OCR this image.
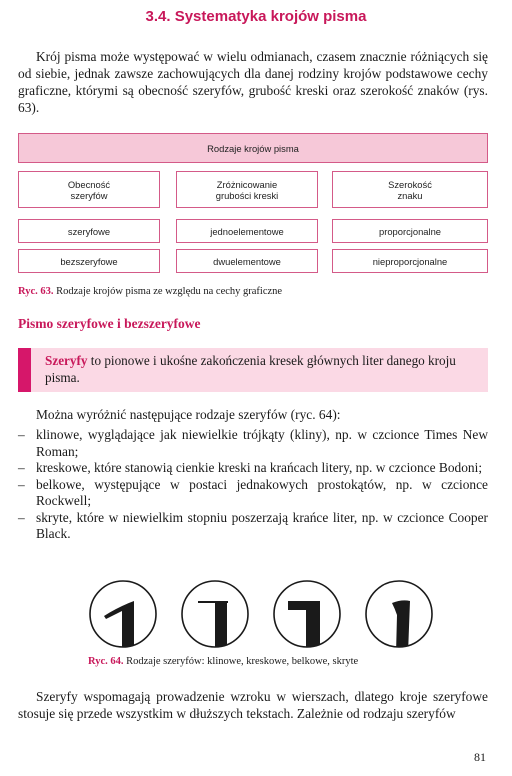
3.4. Systematyka krojów pisma

Krój pisma może występować w wielu odmianach, czasem znacznie różniących się od siebie, jednak zawsze zachowujących dla danej rodziny krojów podstawowe cechy graficzne, którymi są obecność szeryfów, grubość kreski oraz szerokość znaków (rys. 63).

Rodzaje krojów pisma
Obecność
szeryfów
Zróżnicowanie
grubości kreski
Szerokość
znaku
szeryfowe	jednoelementowe	proporcjonalne
bezszeryfowe	dwuelementowe	nieproporcjonalne

Ryc. 63. Rodzaje krojów pisma ze względu na cechy graficzne

Pismo szeryfowe i bezszeryfowe

Szeryfy to pionowe i ukośne zakończenia kresek głównych liter danego kroju pisma.

Można wyróżnić następujące rodzaje szeryfów (ryc. 64):

– klinowe, wyglądające jak niewielkie trójkąty (kliny), np. w czcionce Times New Roman;
– kreskowe, które stanowią cienkie kreski na krańcach litery, np. w czcionce Bodoni;
– belkowe, występujące w postaci jednakowych prostokątów, np. w czcionce Rockwell;
– skryte, które w niewielkim stopniu poszerzają krańce liter, np. w czcionce Cooper Black.

Ryc. 64. Rodzaje szeryfów: klinowe, kreskowe, belkowe, skryte

Szeryfy wspomagają prowadzenie wzroku w wierszach, dlatego kroje szeryfowe stosuje się przede wszystkim w dłuższych tekstach. Zależnie od rodzaju szeryfów

81
